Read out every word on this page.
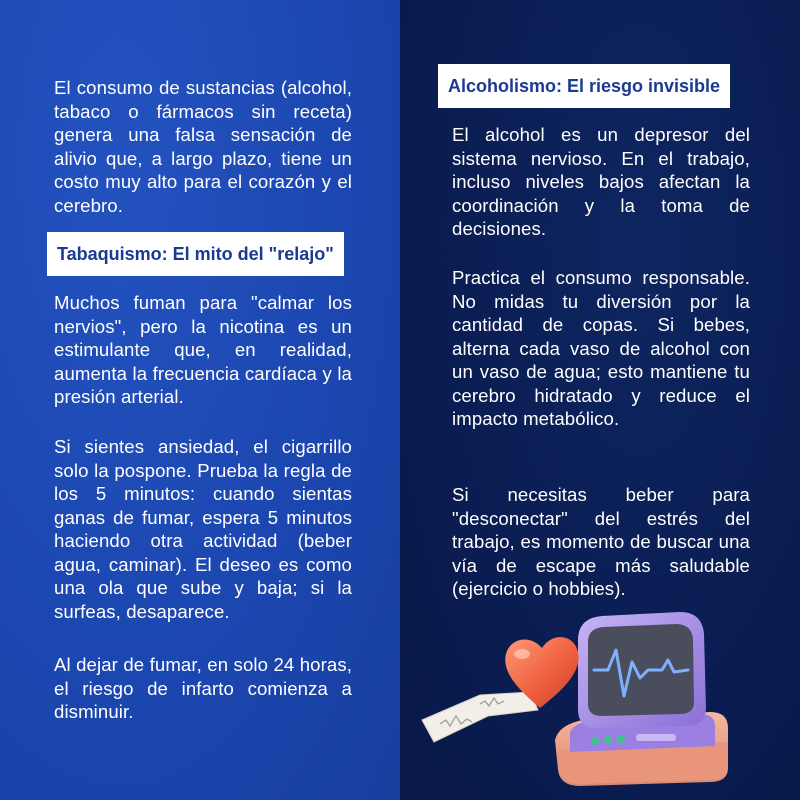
El consumo de sustancias (alcohol, tabaco o fármacos sin receta) genera una falsa sensación de alivio que, a largo plazo, tiene un costo muy alto para el corazón y el cerebro.

Tabaquismo: El mito del "relajo"

Muchos fuman para "calmar los nervios", pero la nicotina es un estimulante que, en realidad, aumenta la frecuencia cardíaca y la presión arterial.

Si sientes ansiedad, el cigarrillo solo la pospone. Prueba la regla de los 5 minutos: cuando sientas ganas de fumar, espera 5 minutos haciendo otra actividad (beber agua, caminar). El deseo es como una ola que sube y baja; si la surfeas, desaparece.

Al dejar de fumar, en solo 24 horas, el riesgo de infarto comienza a disminuir.

Alcoholismo: El riesgo invisible

El alcohol es un depresor del sistema nervioso. En el trabajo, incluso niveles bajos afectan la coordinación y la toma de decisiones.

Practica el consumo responsable. No midas tu diversión por la cantidad de copas. Si bebes, alterna cada vaso de alcohol con un vaso de agua; esto mantiene tu cerebro hidratado y reduce el impacto metabólico.

Si necesitas beber para "desconectar" del estrés del trabajo, es momento de buscar una vía de escape más saludable (ejercicio o hobbies).
